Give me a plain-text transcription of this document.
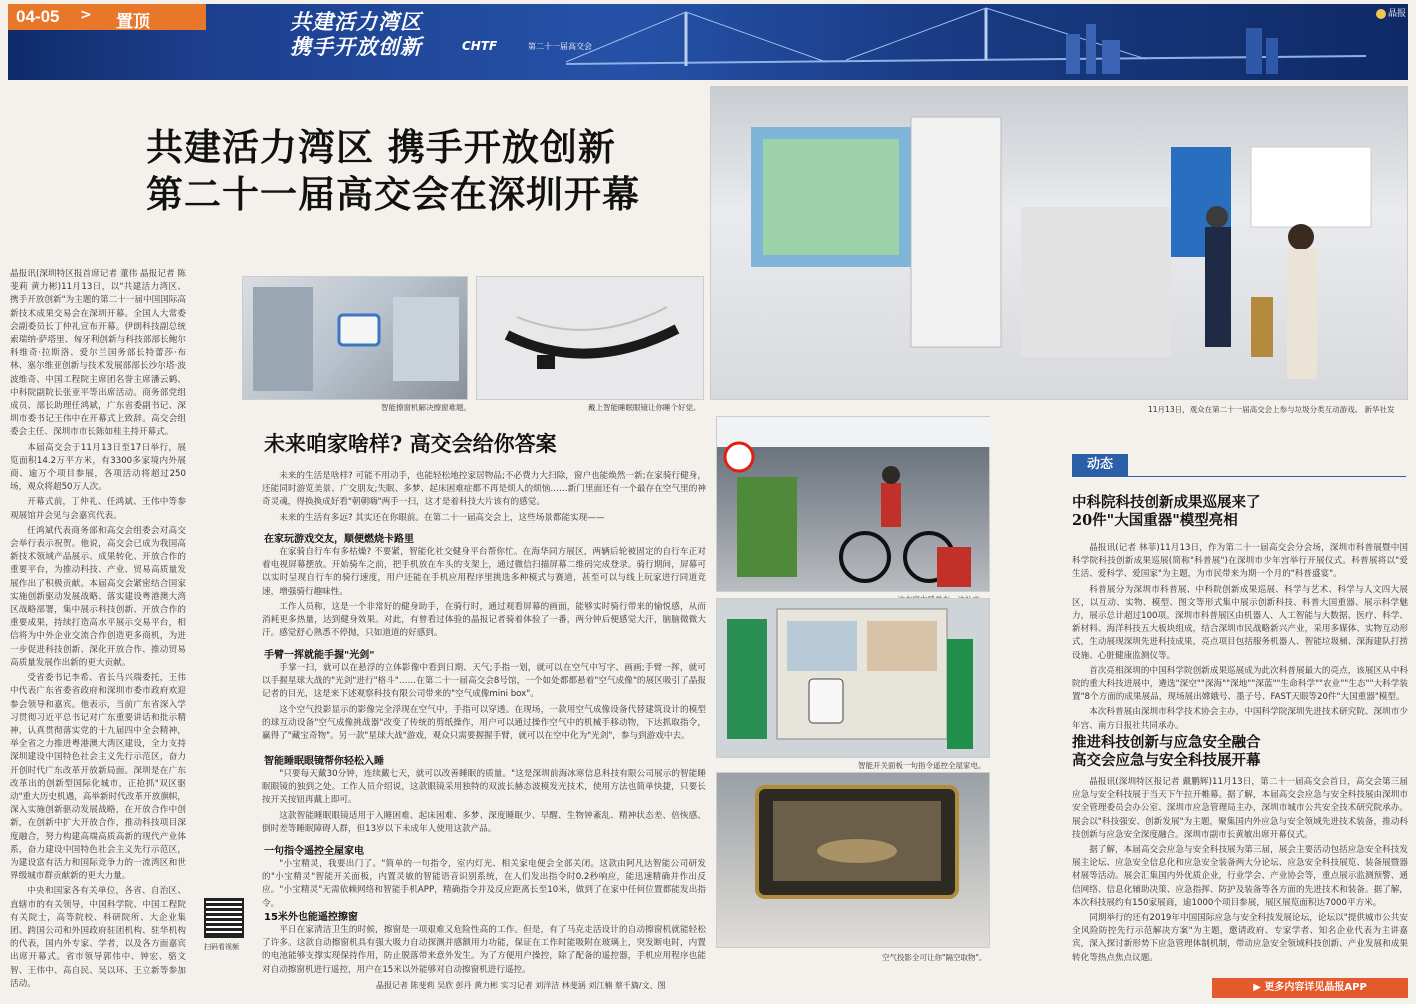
04-05 > 置顶	共建活力湾区
携手开放创新	CHTF	第二十一届高交会
晶报
共建活力湾区 携手开放创新
第二十一届高交会在深圳开幕

晶报讯(深圳特区报首席记者 董伟 晶报记者 陈斐莉 黄力彬)11月13日，以"共建活力湾区、携手开放创新"为主题的第二十一届中国国际高新技术成果交易会在深圳开幕。全国人大常委会副委员长丁仲礼宣布开幕。伊朗科技副总统索瑞纳·萨塔里、匈牙利创新与科技部部长鲍尔科维奇·拉斯洛、爱尔兰国务部长特蕾莎·布林、塞尔维亚创新与技术发展部部长沙尔塔·波波维奇、中国工程院主席团名誉主席潘云鹤、中科院副院长张亚平等出席活动。商务部党组成员、部长助理任鸿斌，广东省委副书记、深圳市委书记王伟中在开幕式上致辞。高交会组委会主任、深圳市市长陈如桂主持开幕式。

本届高交会于11月13日至17日举行，展览面积14.2万平方米，有3300多家境内外展商、逾万个项目参展，各项活动将超过250场，观众将超50万人次。

开幕式前，丁仲礼、任鸿斌、王伟中等参观展馆并会见与会嘉宾代表。

任鸿斌代表商务部和高交会组委会对高交会举行表示祝贺。他说，高交会已成为我国高新技术领域产品展示、成果转化、开放合作的重要平台，为推动科技、产业、贸易高质量发展作出了积极贡献。本届高交会紧密结合国家实施创新驱动发展战略、落实建设粤港澳大湾区战略部署，集中展示科技创新、开放合作的重要成果，持续打造高水平展示交易平台，相信将为中外企业交流合作创造更多商机，为进一步促进科技创新、深化开放合作、推动贸易高质量发展作出新的更大贡献。

受省委书记李希、省长马兴瑞委托，王伟中代表广东省委省政府和深圳市委市政府欢迎参会领导和嘉宾。他表示，当前广东省深入学习贯彻习近平总书记对广东重要讲话和批示精神，认真贯彻落实党的十九届四中全会精神，举全省之力推进粤港澳大湾区建设，全力支持深圳建设中国特色社会主义先行示范区，奋力开创时代广东改革开放新局面。深圳是在广东改革出的创新型国际化城市，正抢抓"双区驱动"重大历史机遇，高举新时代改革开放旗帜，深入实施创新驱动发展战略，在开放合作中创新，在创新中扩大开放合作，推动科技项目深度融合，努力构建高端高质高新的现代产业体系，奋力建设中国特色社会主义先行示范区，为建设富有活力和国际竞争力的一流湾区和世界级城市群贡献新的更大力量。

中央和国家各有关单位，各省、自治区、直辖市的有关领导，中国科学院、中国工程院有关院士，高等院校、科研院所、大企业集团、跨国公司和外国政府驻团机构、驻华机构的代表，国内外专家、学者，以及各方面嘉宾出席开幕式。省市领导郭伟中、钟宏、骆文智、王伟中、高自民、吴以环、王立新等参加活动。

智能擦窗机解决擦窗难题。	戴上智能睡眠眼镜让你睡个好觉。	11月13日，观众在第二十一届高交会上参与垃圾分类互动游戏。 新华社发
未来咱家啥样? 高交会给你答案

未来的生活是啥样? 可能不用动手，也能轻松地控家居物品;不必费力大扫除，窗户也能焕然一新;在家骑行健身，还能同时游览美景、广交朋友;失眠、多梦、起床困难症都不再是烦人的烦恼……新门里面还有一个最存在空气里的神奇灵魂，得换换成好看"朝朝嗨"两手一扫，这才是着科技大片该有的感觉。

未来的生活有多远? 其实还在你眼前。在第二十一届高交会上，这些场景都能实现——

在家玩游戏交友，顺便燃烧卡路里

在家骑自行车有多枯燥? 不要紧，智能化社交健身平台帮你忙。在海华同方展区，两辆后轮被固定的自行车正对着电视屏幕摆放。开始骑车之前，把手机放在车头的支架上，通过微信扫描屏幕二维码完成登录。骑行期间，屏幕可以实时呈现自行车的骑行速度，用户还能在手机应用程序里挑选多种模式与赛道，甚至可以与线上玩家进行同道竞速，增强骑行趣味性。

工作人员称，这是一个非常好的健身助手，在骑行时，通过观看屏幕的画面，能够实时骑行带来的愉悦感，从而消耗更多热量，达到健身效果。对此，有曾看过体验的晶报记者骑着体验了一番，两分钟后便感觉大汗，脑脑微微大汗。感觉舒心熟悉不停抛，只如道道的好感到。

手臂一挥就能手握"光剑"

手掌一扫，就可以在悬浮的立体影像中看到日期、天气;手指一划，就可以在空气中写字、画画;手臂一挥，就可以手握星球大战的"光剑"进行"格斗"……在第二十一届高交会8号馆，一个如处都都悬着"空气成像"的展区吸引了晶报记者的目光，这是来下述观察科技有限公司带来的"空气成像mini box"。

这个空气投影显示的影像完全浮现在空气中，手指可以穿透。在现场，一款用空气成像设备代替建筑设计的模型的球互动设备"空气成像挑战器"改变了传统的剪纸操作，用户可以通过操作空气中的机械手移动物，下达抓取指令，赢得了"藏宝奇物"。另一款"星球大战"游戏，观众只需要握握手臂，就可以在空中化为"光剑"，参与到游戏中去。

智能睡眠眼镜帮你轻松入睡

"只要每天戴30分钟，连续戴七天，就可以改善睡眠的质量。"这是深圳前海冰寒信息科技有限公司展示的智能睡眠眼镜的独到之处。工作人员介绍说，这款眼镜采用独特的双波长赫态波模发光技术，使用方法也简单快捷，只要长按开关按钮再戴上即可。

这款智能睡眠眼镜适用于入睡困难、起床困难、多梦、深度睡眠少、早醒、生物钟紊乱、精神状态差、倍恢感、倒时差等睡眠障碍人群，但13岁以下未成年人使用这款产品。

一句指令遥控全屋家电

"小宝精灵，我要出门了。"简单的一句指令，室内灯光、相关家电便会全部关闭。这款由阿凡达智能公司研发的"小宝精灵"智能开关面板，内置灵敏的智能语音识别系统，在人们发出指令时0.2秒响应，能迅速精确并作出反应。"小宝精灵"无需依赖网络和智能手机APP，精确指令并及反应距离长至10米，做到了在家中任何位置都能发出指令。

15米外也能遥控擦窗

平日在家清洁卫生的时候，擦窗是一项艰难又危险性高的工作。但是，有了马克走活设计的自动擦窗机就能轻松了许多。这款自动擦窗机具有强大吸力自动探测并感额用力功能，保证在工作时能吸附在玻璃上，突发断电时，内置的电池能够支撑实现保持作用，防止脱落带来意外发生。为了方便用户操控，除了配备的遥控器，手机应用程序也能对自动擦窗机进行遥控，用户在15米以外能够对自动擦窗机进行遥控。

晶报记者 陈斐莉 吴欣 彭丹 黄力彬 实习记者 刘洋洁 林斐涵 刘江楠 蔡千旖/文、图
扫码看视频
智能开关面板一句指令遥控全屋家电。
空气投影全可让你"隔空取物"。
动态
中科院科技创新成果巡展来了
20件"大国重器"模型亮相

晶报讯(记者 林菲)11月13日，作为第二十一届高交会分会场，深圳市科普展暨中国科学院科技创新成果巡展(简称"科普展")在深圳市少年宫举行开展仪式。科普展将以"爱生活、爱科学、爱国家"为主题，为市民带来为期一个月的"科普盛宴"。

科普展分为深圳市科普展、中科院创新成果巡展、科学与艺术、科学与人文四大展区，以互动、实物、模型、图文等形式集中展示创新科技、科普大国重器、展示科学魅力，展示总计超过100项。深圳市科普展区由机器人、人工智能与大数据、医疗、科学、新材料、海洋科技五大板块组成，结合深圳市民战略新兴产业，采用多媒体、实物互动形式，生动展现深圳先进科技成果，亮点项目包括服务机器人、智能垃圾桶、深海建队打捞设施、心脏健康监测仪等。

首次亮相深圳的中国科学院创新成果巡展成为此次科普展最大的亮点，该展区从中科院的重大科技进展中，遴选"深空""深海""深地""深蓝""生命科学""农业""生态""大科学装置"8个方面的成果展品，现场展出嫦娥号、墨子号、FAST天眼等20件"大国重器"模型。

本次科普展由深圳市科学技术协会主办，中国科学院深圳先进技术研究院、深圳市少年宫、南方日报社共同承办。

推进科技创新与应急安全融合
高交会应急与安全科技展开幕

晶报讯(深圳特区报记者 戴鹏辉)11月13日，第二十一届高交会首日，高交会第三届应急与安全科技展于当天下午拉开帷幕。据了解，本届高交会应急与安全科技展由深圳市安全管理委员会办公室、深圳市应急管理局主办，深圳市城市公共安全技术研究院承办。展会以"科技强安、创新发展"为主题，聚集国内外应急与安全领域先进技术装备，推动科技创新与应急安全深度融合。深圳市副市长黄敏出席开幕仪式。

据了解，本届高交会应急与安全科技展为第三届，展会主要活动包括应急安全科技发展主论坛、应急安全信息化和应急安全装备两大分论坛、应急安全科技展览、装备展暨器材展等活动。展会汇集国内外优质企业，行业学会、产业协会等，重点展示监测预警、通信网络、信息化辅助决策、应急指挥、防护及装备等各方面的先进技术和装备。据了解，本次科技展约有150家展商，逾1000个项目参展，展区展览面积达7000平方米。

同期举行的还有2019年中国国际应急与安全科技发展论坛，论坛以"提供城市公共安全风险防控先行示范解决方案"为主题，邀请政府、专家学者、知名企业代表为主讲嘉宾，深入探讨新形势下应急管理体制机制，带动应急安全领域科技创新、产业发展和成果转化等热点焦点议题。

▶ 更多内容详见晶报APP
